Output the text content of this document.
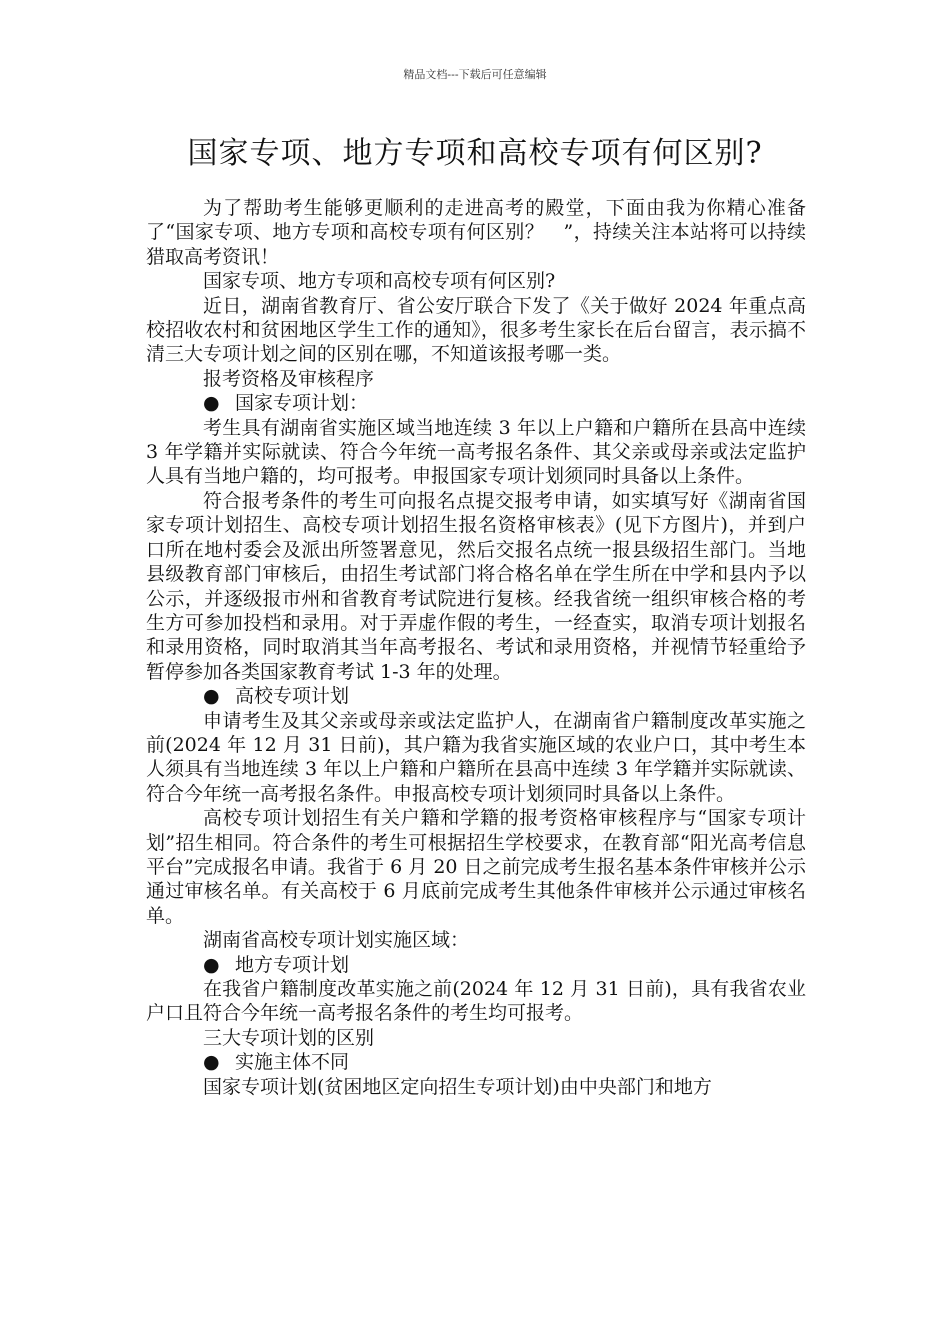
精品文档---下载后可任意编辑
国家专项、地方专项和高校专项有何区别?

为了帮助考生能够更顺利的走进高考的殿堂，下面由我为你精心准备了“国家专项、地方专项和高校专项有何区别？　”，持续关注本站将可以持续猎取高考资讯！

国家专项、地方专项和高校专项有何区别?

近日，湖南省教育厅、省公安厅联合下发了《关于做好 2024 年重点高校招收农村和贫困地区学生工作的通知》，很多考生家长在后台留言，表示搞不清三大专项计划之间的区别在哪，不知道该报考哪一类。

报考资格及审核程序

● 国家专项计划：

考生具有湖南省实施区域当地连续 3 年以上户籍和户籍所在县高中连续 3 年学籍并实际就读、符合今年统一高考报名条件、其父亲或母亲或法定监护人具有当地户籍的，均可报考。申报国家专项计划须同时具备以上条件。

符合报考条件的考生可向报名点提交报考申请，如实填写好《湖南省国家专项计划招生、高校专项计划招生报名资格审核表》(见下方图片)，并到户口所在地村委会及派出所签署意见，然后交报名点统一报县级招生部门。当地县级教育部门审核后，由招生考试部门将合格名单在学生所在中学和县内予以公示，并逐级报市州和省教育考试院进行复核。经我省统一组织审核合格的考生方可参加投档和录用。对于弄虚作假的考生，一经查实，取消专项计划报名和录用资格，同时取消其当年高考报名、考试和录用资格，并视情节轻重给予暂停参加各类国家教育考试 1-3 年的处理。

● 高校专项计划

申请考生及其父亲或母亲或法定监护人，在湖南省户籍制度改革实施之前(2024 年 12 月 31 日前)，其户籍为我省实施区域的农业户口，其中考生本人须具有当地连续 3 年以上户籍和户籍所在县高中连续 3 年学籍并实际就读、符合今年统一高考报名条件。申报高校专项计划须同时具备以上条件。

高校专项计划招生有关户籍和学籍的报考资格审核程序与“国家专项计划”招生相同。符合条件的考生可根据招生学校要求，在教育部“阳光高考信息平台”完成报名申请。我省于 6 月 20 日之前完成考生报名基本条件审核并公示通过审核名单。有关高校于 6 月底前完成考生其他条件审核并公示通过审核名单。

湖南省高校专项计划实施区域：

● 地方专项计划

在我省户籍制度改革实施之前(2024 年 12 月 31 日前)，具有我省农业户口且符合今年统一高考报名条件的考生均可报考。

三大专项计划的区别

● 实施主体不同

国家专项计划(贫困地区定向招生专项计划)由中央部门和地方
